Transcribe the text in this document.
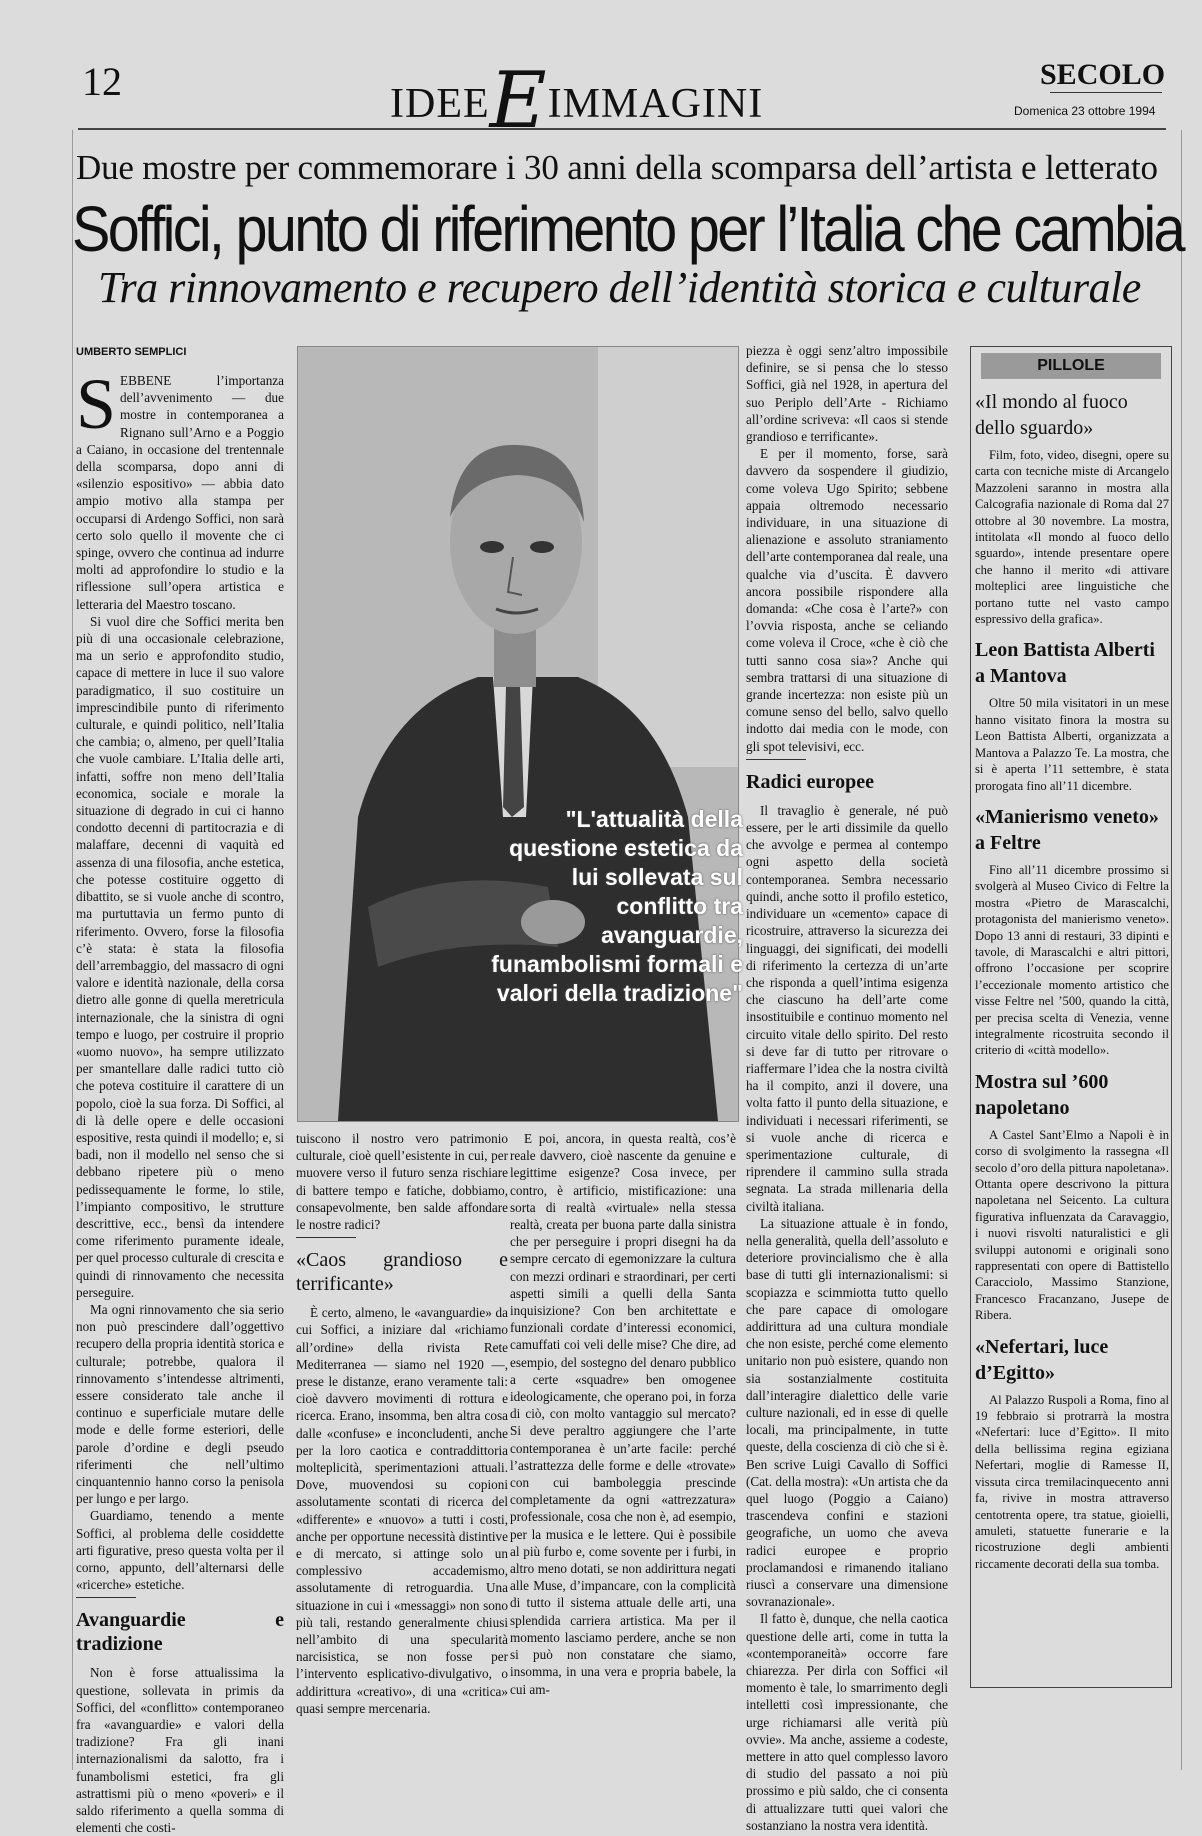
12	IDEEEIMMAGINI
SECOLO
Domenica 23 ottobre 1994
Due mostre per commemorare i 30 anni della scomparsa dell’artista e letterato
Soffici, punto di riferimento per l’Italia che cambia
Tra rinnovamento e recupero dell’identità storica e culturale
UMBERTO SEMPLICI
"L'attualità della questione estetica da lui sollevata sul conflitto tra avanguardie, funambolismi formali e valori della tradizione"
S EBBENE l’importanza dell’avvenimento — due mostre in contemporanea a Rignano sull’Arno e a Poggio a Caiano, in occasione del trentennale della scomparsa, dopo anni di «silenzio espositivo» — abbia dato ampio motivo alla stampa per occuparsi di Ardengo Soffici, non sarà certo solo quello il movente che ci spinge, ovvero che continua ad indurre molti ad approfondire lo studio e la riflessione sull’opera artistica e letteraria del Maestro toscano.

Si vuol dire che Soffici merita ben più di una occasionale celebrazione, ma un serio e approfondito studio, capace di mettere in luce il suo valore paradigmatico, il suo costituire un imprescindibile punto di riferimento culturale, e quindi politico, nell’Italia che cambia; o, almeno, per quell’Italia che vuole cambiare. L’Italia delle arti, infatti, soffre non meno dell’Italia economica, sociale e morale la situazione di degrado in cui ci hanno condotto decenni di partitocrazia e di malaffare, decenni di vaquità ed assenza di una filosofia, anche estetica, che potesse costituire oggetto di dibattito, se si vuole anche di scontro, ma purtuttavia un fermo punto di riferimento. Ovvero, forse la filosofia c’è stata: è stata la filosofia dell’arrembaggio, del massacro di ogni valore e identità nazionale, della corsa dietro alle gonne di quella meretricula internazionale, che la sinistra di ogni tempo e luogo, per costruire il proprio «uomo nuovo», ha sempre utilizzato per smantellare dalle radici tutto ciò che poteva costituire il carattere di un popolo, cioè la sua forza. Di Soffici, al di là delle opere e delle occasioni espositive, resta quindi il modello; e, si badi, non il modello nel senso che si debbano ripetere più o meno pedissequamente le forme, lo stile, l’impianto compositivo, le strutture descrittive, ecc., bensì da intendere come riferimento puramente ideale, per quel processo culturale di crescita e quindi di rinnovamento che necessita perseguire.

Ma ogni rinnovamento che sia serio non può prescindere dall’oggettivo recupero della propria identità storica e culturale; potrebbe, qualora il rinnovamento s’intendesse altrimenti, essere considerato tale anche il continuo e superficiale mutare delle mode e delle forme esteriori, delle parole d’ordine e degli pseudo riferimenti che nell’ultimo cinquantennio hanno corso la penisola per lungo e per largo.

Guardiamo, tenendo a mente Soffici, al problema delle cosiddette arti figurative, preso questa volta per il corno, appunto, dell’alternarsi delle «ricerche» estetiche.

Avanguardie e tradizione

Non è forse attualissima la questione, sollevata in primis da Soffici, del «conflitto» contemporaneo fra «avanguardie» e valori della tradizione? Fra gli inani internazionalismi da salotto, fra i funambolismi estetici, fra gli astrattismi più o meno «poveri» e il saldo riferimento a quella somma di elementi che costi-

tuiscono il nostro vero patrimonio culturale, cioè quell’esistente in cui, per muovere verso il futuro senza rischiare di battere tempo e fatiche, dobbiamo, consapevolmente, ben salde affondare le nostre radici?

«Caos grandioso e terrificante»

È certo, almeno, le «avanguardie» da cui Soffici, a iniziare dal «richiamo all’ordine» della rivista Rete Mediterranea — siamo nel 1920 —, prese le distanze, erano veramente tali: cioè davvero movimenti di rottura e ricerca. Erano, insomma, ben altra cosa dalle «confuse» e inconcludenti, anche per la loro caotica e contraddittoria molteplicità, sperimentazioni attuali. Dove, muovendosi su copioni assolutamente scontati di ricerca del «differente» e «nuovo» a tutti i costi, anche per opportune necessità distintive e di mercato, si attinge solo un complessivo accademismo, assolutamente di retroguardia. Una situazione in cui i «messaggi» non sono più tali, restando generalmente chiusi nell’ambito di una specularità narcisistica, se non fosse per l’intervento esplicativo-divulgativo, o addirittura «creativo», di una «critica» quasi sempre mercenaria.

E poi, ancora, in questa realtà, cos’è reale davvero, cioè nascente da genuine e legittime esigenze? Cosa invece, per contro, è artificio, mistificazione: una sorta di realtà «virtuale» nella stessa realtà, creata per buona parte dalla sinistra che per perseguire i propri disegni ha da sempre cercato di egemonizzare la cultura con mezzi ordinari e straordinari, per certi aspetti simili a quelli della Santa inquisizione? Con ben architettate e funzionali cordate d’interessi economici, camuffati coi veli delle mise? Che dire, ad esempio, del sostegno del denaro pubblico a certe «squadre» ben omogenee ideologicamente, che operano poi, in forza di ciò, con molto vantaggio sul mercato? Si deve peraltro aggiungere che l’arte contemporanea è un’arte facile: perché l’astrattezza delle forme e delle «trovate» con cui bamboleggia prescinde completamente da ogni «attrezzatura» professionale, cosa che non è, ad esempio, per la musica e le lettere. Qui è possibile al più furbo e, come sovente per i furbi, in altro meno dotati, se non addirittura negati alle Muse, d’impancare, con la complicità di tutto il sistema attuale delle arti, una splendida carriera artistica. Ma per il momento lasciamo perdere, anche se non si può non constatare che siamo, insomma, in una vera e propria babele, la cui am-

piezza è oggi senz’altro impossibile definire, se si pensa che lo stesso Soffici, già nel 1928, in apertura del suo Periplo dell’Arte - Richiamo all’ordine scriveva: «Il caos si stende grandioso e terrificante».

E per il momento, forse, sarà davvero da sospendere il giudizio, come voleva Ugo Spirito; sebbene appaia oltremodo necessario individuare, in una situazione di alienazione e assoluto straniamento dell’arte contemporanea dal reale, una qualche via d’uscita. È davvero ancora possibile rispondere alla domanda: «Che cosa è l’arte?» con l’ovvia risposta, anche se celiando come voleva il Croce, «che è ciò che tutti sanno cosa sia»? Anche qui sembra trattarsi di una situazione di grande incertezza: non esiste più un comune senso del bello, salvo quello indotto dai media con le mode, con gli spot televisivi, ecc.

Radici europee

Il travaglio è generale, né può essere, per le arti dissimile da quello che avvolge e permea al contempo ogni aspetto della società contemporanea. Sembra necessario quindi, anche sotto il profilo estetico, individuare un «cemento» capace di ricostruire, attraverso la sicurezza dei linguaggi, dei significati, dei modelli di riferimento la certezza di un’arte che risponda a quell’intima esigenza che ciascuno ha dell’arte come insostituibile e continuo momento nel circuito vitale dello spirito. Del resto si deve far di tutto per ritrovare o riaffermare l’idea che la nostra civiltà ha il compito, anzi il dovere, una volta fatto il punto della situazione, e individuati i necessari riferimenti, se si vuole anche di ricerca e sperimentazione culturale, di riprendere il cammino sulla strada segnata. La strada millenaria della civiltà italiana.

La situazione attuale è in fondo, nella generalità, quella dell’assoluto e deteriore provincialismo che è alla base di tutti gli internazionalismi: si scopiazza e scimmiotta tutto quello che pare capace di omologare addirittura ad una cultura mondiale che non esiste, perché come elemento unitario non può esistere, quando non sia sostanzialmente costituita dall’interagire dialettico delle varie culture nazionali, ed in esse di quelle locali, ma principalmente, in tutte queste, della coscienza di ciò che si è. Ben scrive Luigi Cavallo di Soffici (Cat. della mostra): «Un artista che da quel luogo (Poggio a Caiano) trascendeva confini e stazioni geografiche, un uomo che aveva radici europee e proprio proclamandosi e rimanendo italiano riuscì a conservare una dimensione sovranazionale».

Il fatto è, dunque, che nella caotica questione delle arti, come in tutta la «contemporaneità» occorre fare chiarezza. Per dirla con Soffici «il momento è tale, lo smarrimento degli intelletti così impressionante, che urge richiamarsi alle verità più ovvie». Ma anche, assieme a codeste, mettere in atto quel complesso lavoro di studio del passato a noi più prossimo e più saldo, che ci consenta di attualizzare tutti quei valori che sostanziano la nostra vera identità.

PILLOLE
«Il mondo al fuoco dello sguardo»
Film, foto, video, disegni, opere su carta con tecniche miste di Arcangelo Mazzoleni saranno in mostra alla Calcografia nazionale di Roma dal 27 ottobre al 30 novembre. La mostra, intitolata «Il mondo al fuoco dello sguardo», intende presentare opere che hanno il merito «di attivare molteplici aree linguistiche che portano tutte nel vasto campo espressivo della grafica».
Leon Battista Alberti a Mantova
Oltre 50 mila visitatori in un mese hanno visitato finora la mostra su Leon Battista Alberti, organizzata a Mantova a Palazzo Te. La mostra, che si è aperta l’11 settembre, è stata prorogata fino all’11 dicembre.
«Manierismo veneto» a Feltre
Fino all’11 dicembre prossimo si svolgerà al Museo Civico di Feltre la mostra «Pietro de Marascalchi, protagonista del manierismo veneto». Dopo 13 anni di restauri, 33 dipinti e tavole, di Marascalchi e altri pittori, offrono l’occasione per scoprire l’eccezionale momento artistico che visse Feltre nel ’500, quando la città, per precisa scelta di Venezia, venne integralmente ricostruita secondo il criterio di «città modello».
Mostra sul ’600 napoletano
A Castel Sant’Elmo a Napoli è in corso di svolgimento la rassegna «Il secolo d’oro della pittura napoletana». Ottanta opere descrivono la pittura napoletana nel Seicento. La cultura figurativa influenzata da Caravaggio, i nuovi risvolti naturalistici e gli sviluppi autonomi e originali sono rappresentati con opere di Battistello Caracciolo, Massimo Stanzione, Francesco Fracanzano, Jusepe de Ribera.
«Nefertari, luce d’Egitto»
Al Palazzo Ruspoli a Roma, fino al 19 febbraio si protrarrà la mostra «Nefertari: luce d’Egitto». Il mito della bellissima regina egiziana Nefertari, moglie di Ramesse II, vissuta circa tremilacinquecento anni fa, rivive in mostra attraverso centotrenta opere, tra statue, gioielli, amuleti, statuette funerarie e la ricostruzione degli ambienti riccamente decorati della sua tomba.
